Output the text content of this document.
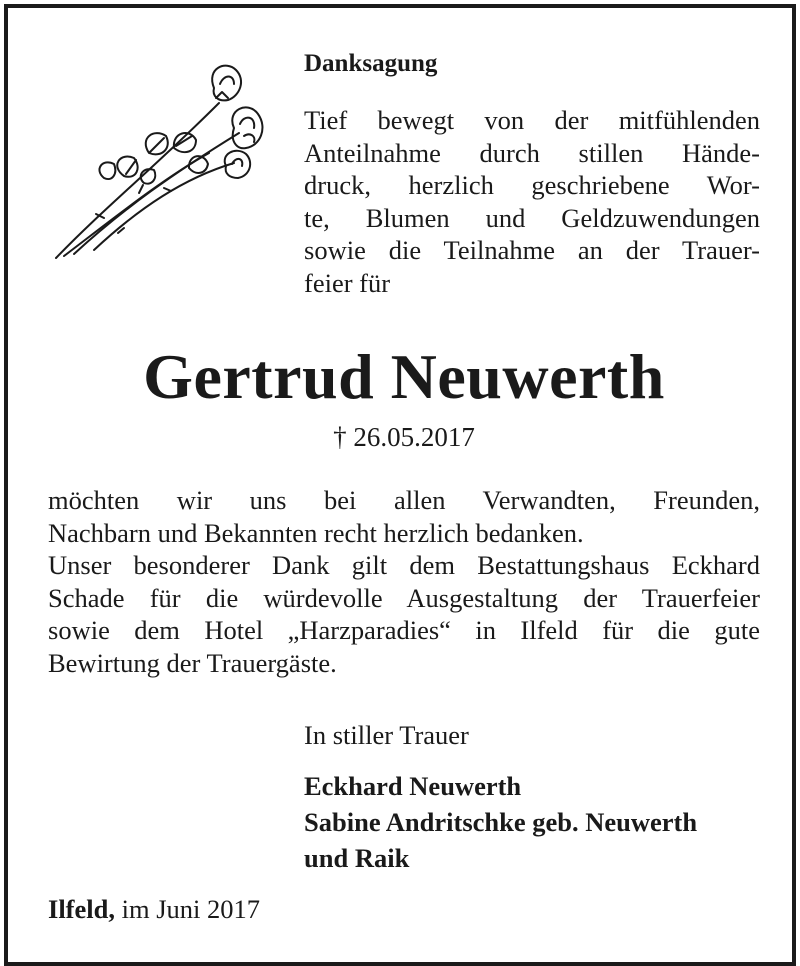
Danksagung

Tief bewegt von der mitfühlenden
Anteilnahme durch stillen Hände-
druck, herzlich geschriebene Wor-
te, Blumen und Geldzuwendungen
sowie die Teilnahme an der Trauer-
feier für

Gertrud Neuwerth

† 26.05.2017

möchten wir uns bei allen Verwandten, Freunden,
Nachbarn und Bekannten recht herzlich bedanken.
Unser besonderer Dank gilt dem Bestattungshaus Eckhard
Schade für die würdevolle Ausgestaltung der Trauerfeier
sowie dem Hotel „Harzparadies“ in Ilfeld für die gute
Bewirtung der Trauergäste.

In stiller Trauer

Eckhard Neuwerth
Sabine Andritschke geb. Neuwerth
und Raik

Ilfeld, im Juni 2017
